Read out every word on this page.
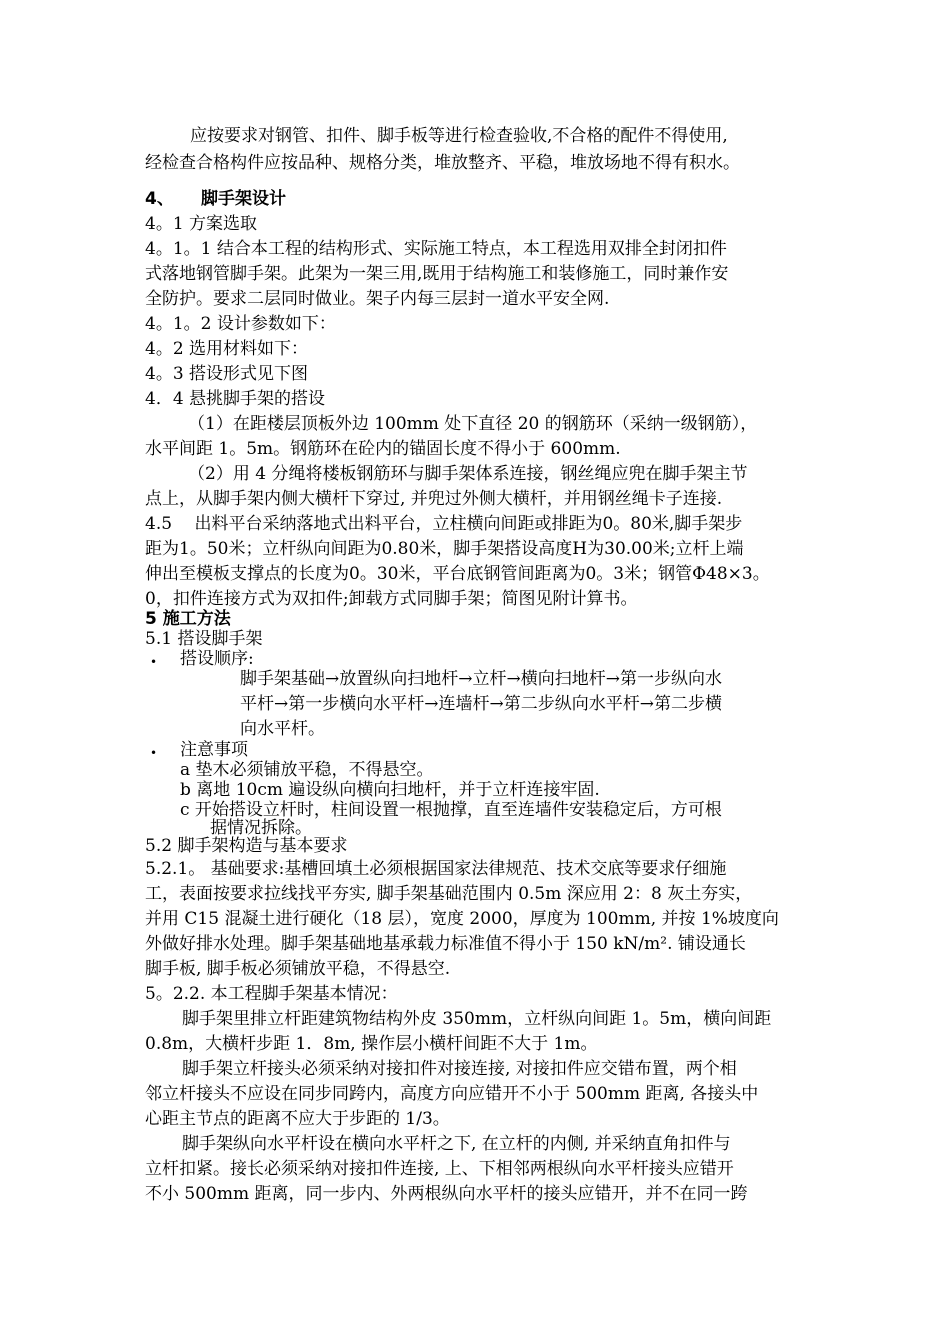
应按要求对钢管、扣件、脚手板等进行检查验收,不合格的配件不得使用,
经检查合格构件应按品种、规格分类，堆放整齐、平稳，堆放场地不得有积水。
4、 脚手架设计
4。1 方案选取
4。1。1 结合本工程的结构形式、实际施工特点，本工程选用双排全封闭扣件
式落地钢管脚手架。此架为一架三用,既用于结构施工和装修施工，同时兼作安
全防护。要求二层同时做业。架子内每三层封一道水平安全网.
4。1。2 设计参数如下：
4。2 选用材料如下：
4。3 搭设形式见下图
4．4 悬挑脚手架的搭设
（1）在距楼层顶板外边 100mm 处下直径 20 的钢筋环（采纳一级钢筋），
水平间距 1。5m。钢筋环在砼内的锚固长度不得小于 600mm.
（2）用 4 分绳将楼板钢筋环与脚手架体系连接，钢丝绳应兜在脚手架主节
点上，从脚手架内侧大横杆下穿过, 并兜过外侧大横杆，并用钢丝绳卡子连接.
4.5　 出料平台采纳落地式出料平台，立柱横向间距或排距为0。80米,脚手架步
距为1。50米；立杆纵向间距为0.80米，脚手架搭设高度H为30.00米;立杆上端
伸出至模板支撑点的长度为0。30米，平台底钢管间距离为0。3米；钢管Φ48×3。
0，扣件连接方式为双扣件;卸载方式同脚手架；简图见附计算书。
5 施工方法
5.1 搭设脚手架
• 搭设顺序:
脚手架基础→放置纵向扫地杆→立杆→横向扫地杆→第一步纵向水
平杆→第一步横向水平杆→连墙杆→第二步纵向水平杆→第二步横
向水平杆。
• 注意事项
a 垫木必须铺放平稳，不得悬空。
b 离地 10cm 遍设纵向横向扫地杆，并于立杆连接牢固.
c 开始搭设立杆时，柱间设置一根抛撑，直至连墙件安装稳定后，方可根
据情况拆除。
5.2 脚手架构造与基本要求
5.2.1。 基础要求:基槽回填土必须根据国家法律规范、技术交底等要求仔细施
工，表面按要求拉线找平夯实, 脚手架基础范围内 0.5m 深应用 2：8 灰土夯实，
并用 C15 混凝土进行硬化（18 层），宽度 2000，厚度为 100mm, 并按 1%坡度向
外做好排水处理。脚手架基础地基承载力标准值不得小于 150 kN/m². 铺设通长
脚手板, 脚手板必须铺放平稳，不得悬空.
5。2.2. 本工程脚手架基本情况：
脚手架里排立杆距建筑物结构外皮 350mm，立杆纵向间距 1。5m，横向间距
0.8m，大横杆步距 1．8m, 操作层小横杆间距不大于 1m。
脚手架立杆接头必须采纳对接扣件对接连接, 对接扣件应交错布置，两个相
邻立杆接头不应设在同步同跨内，高度方向应错开不小于 500mm 距离, 各接头中
心距主节点的距离不应大于步距的 1/3。
脚手架纵向水平杆设在横向水平杆之下, 在立杆的内侧, 并采纳直角扣件与
立杆扣紧。接长必须采纳对接扣件连接, 上、下相邻两根纵向水平杆接头应错开
不小 500mm 距离，同一步内、外两根纵向水平杆的接头应错开，并不在同一跨
